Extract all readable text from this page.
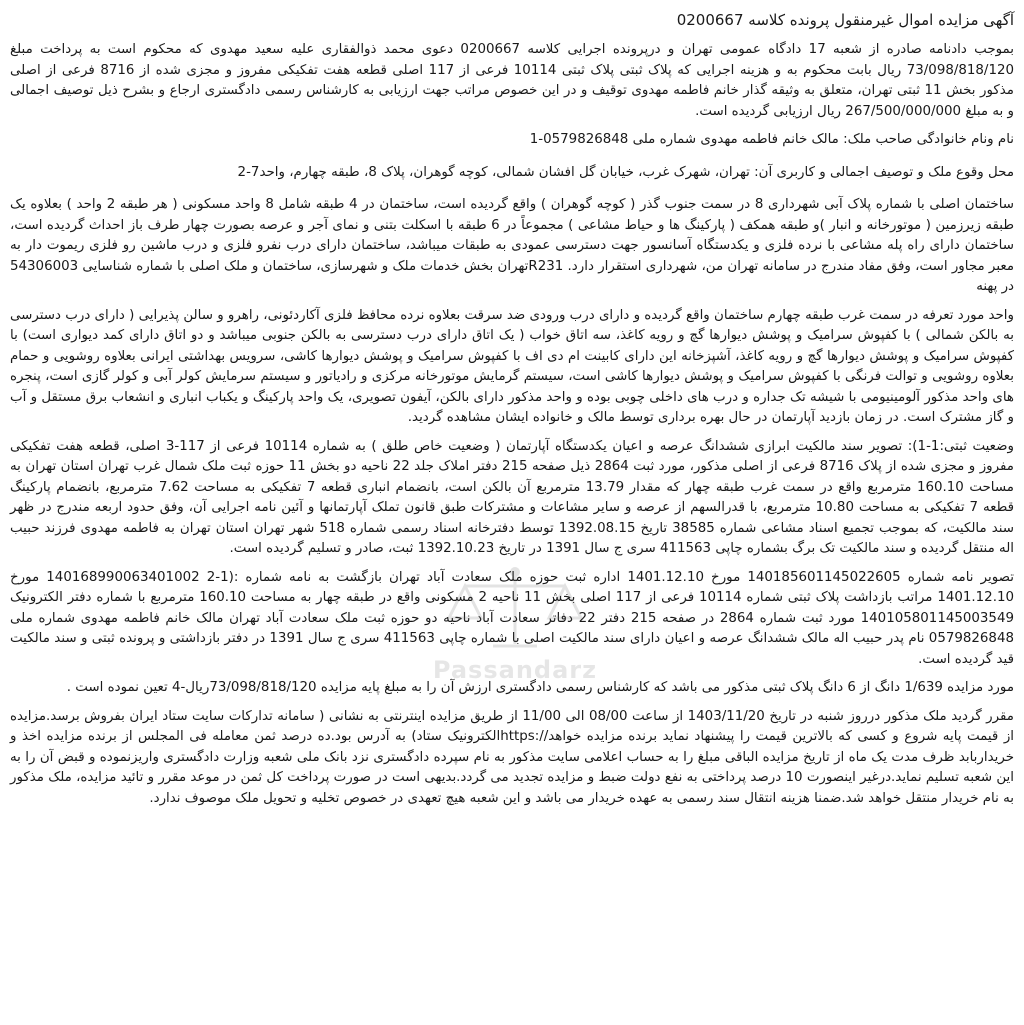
آگهی مزایده اموال غیرمنقول پرونده کلاسه 0200667

بموجب دادنامه صادره از شعبه 17 دادگاه عمومی تهران و درپرونده اجرایی کلاسه 0200667 دعوی محمد ذوالفقاری علیه سعید مهدوی که محکوم است به پرداخت مبلغ 73/098/818/120 ریال بابت محکوم به و هزینه اجرایی که پلاک ثبتی پلاک ثبتی 10114 فرعی از 117 اصلی قطعه هفت تفکیکی مفروز و مجزی شده از 8716 فرعی از اصلی مذکور بخش 11 ثبتی تهران، متعلق به وثیقه گذار خانم فاطمه مهدوی توقیف و در این خصوص مراتب جهت ارزیابی به کارشناس رسمی دادگستری ارجاع و بشرح ذیل توصیف اجمالی و به مبلغ 267/500/000/000 ریال ارزیابی گردیده است.

نام ونام خانوادگی صاحب ملک: مالک خانم فاطمه مهدوی شماره ملی 0579826848-1

محل وقوع ملک و توصیف اجمالی و کاربری آن: تهران، شهرک غرب، خیابان گل افشان شمالی، کوچه گوهران، پلاک 8، طبقه چهارم، واحد7-2

ساختمان اصلی با شماره پلاک آبی شهرداری 8 در سمت جنوب گذر ( کوچه گوهران ) واقع گردیده است، ساختمان در 4 طبقه شامل 8 واحد مسکونی ( هر طبقه 2 واحد ) بعلاوه یک طبقه زیرزمین ( موتورخانه و انبار )و طبقه همکف ( پارکینگ ها و حیاط مشاعی ) مجموعاً در 6 طبقه با اسکلت بتنی و نمای آجر و عرصه بصورت چهار طرف باز احداث گردیده است، ساختمان دارای راه پله مشاعی با نرده فلزی و یکدستگاه آسانسور جهت دسترسی عمودی به طبقات میباشد، ساختمان دارای درب نفرو فلزی و درب ماشین رو فلزی ریموت دار به معبر مجاور است، وفق مفاد مندرج در سامانه تهران من، شهرداری استقرار دارد. R231تهران بخش خدمات ملک و شهرسازی، ساختمان و ملک اصلی با شماره شناسایی 54306003 در پهنه

واحد مورد تعرفه در سمت غرب طبقه چهارم ساختمان واقع گردیده و دارای درب ورودی ضد سرقت بعلاوه نرده محافظ فلزی آکاردئونی، راهرو و سالن پذیرایی ( دارای درب دسترسی به بالکن شمالی ) با کفپوش سرامیک و پوشش دیوارها گچ و رویه کاغذ، سه اتاق خواب ( یک اتاق دارای درب دسترسی به بالکن جنوبی میباشد و دو اتاق دارای کمد دیواری است) با کفپوش سرامیک و پوشش دیوارها گچ و رویه کاغذ، آشپزخانه این دارای کابینت ام دی اف با کفپوش سرامیک و پوشش دیوارها کاشی، سرویس بهداشتی ایرانی بعلاوه روشویی و حمام بعلاوه روشویی و توالت فرنگی با کفپوش سرامیک و پوشش دیوارها کاشی است، سیستم گرمایش موتورخانه مرکزی و رادیاتور و سیستم سرمایش کولر آبی و کولر گازی است، پنجره های واحد مذکور آلومینیومی با شیشه تک جداره و درب های داخلی چوبی بوده و واحد مذکور دارای بالکن، آیفون تصویری، یک واحد پارکینگ و یکباب انباری و انشعاب برق مستقل و آب و گاز مشترک است. در زمان بازدید آپارتمان در حال بهره برداری توسط مالک و خانواده ایشان مشاهده گردید.

وضعیت ثبتی:1-1): تصویر سند مالکیت ابرازی ششدانگ عرصه و اعیان یکدستگاه آپارتمان ( وضعیت خاص طلق ) به شماره 10114 فرعی از 117-3 اصلی، قطعه هفت تفکیکی مفروز و مجزی شده از پلاک 8716 فرعی از اصلی مذکور، مورد ثبت 2864 ذیل صفحه 215 دفتر املاک جلد 22 ناحیه دو بخش 11 حوزه ثبت ملک شمال غرب تهران استان تهران به مساحت 160.10 مترمربع واقع در سمت غرب طبقه چهار که مقدار 13.79 مترمربع آن بالکن است، بانضمام انباری قطعه 7 تفکیکی به مساحت 7.62 مترمربع، بانضمام پارکینگ قطعه 7 تفکیکی به مساحت 10.80 مترمربع، با قدرالسهم از عرصه و سایر مشاعات و مشترکات طبق قانون تملک آپارتمانها و آئین نامه اجرایی آن، وفق حدود اربعه مندرج در ظهر سند مالکیت، که بموجب تجمیع اسناد مشاعی شماره 38585 تاریخ 1392.08.15 توسط دفترخانه اسناد رسمی شماره 518 شهر تهران استان تهران به فاطمه مهدوی فرزند حبیب اله منتقل گردیده و سند مالکیت تک برگ بشماره چاپی 411563 سری ج سال 1391 در تاریخ 1392.10.23 ثبت، صادر و تسلیم گردیده است.

تصویر نامه شماره 140185601145022605 مورخ 1401.12.10 اداره ثبت حوزه ملک سعادت آباد تهران بازگشت به نامه شماره :(1-2 140168990063401002 مورخ 1401.12.10 مراتب بازداشت پلاک ثبتی شماره 10114 فرعی از 117 اصلی بخش 11 ناحیه 2 مسکونی واقع در طبقه چهار به مساحت 160.10 مترمربع با شماره دفتر الکترونیک 140105801145003549 مورد ثبت شماره 2864 در صفحه 215 دفتر 22 دفاتر سعادت آباد ناحیه دو حوزه ثبت ملک سعادت آباد تهران مالک خانم فاطمه مهدوی شماره ملی 0579826848 نام پدر حبیب اله مالک ششدانگ عرصه و اعیان دارای سند مالکیت اصلی با شماره چاپی 411563 سری ج سال 1391 در دفتر بازداشتی و پرونده ثبتی و سند مالکیت قید گردیده است.

مورد مزایده 1/639 دانگ از 6 دانگ پلاک ثبتی مذکور می باشد که کارشناس رسمی دادگستری ارزش آن را به مبلغ پایه مزایده 73/098/818/120ریال-4 تعین نموده است .

مقرر گردید ملک مذکور درروز شنبه در تاریخ 1403/11/20 از ساعت 08/00 الی 11/00 از طریق مزایده اینترنتی به نشانی ( سامانه تدارکات سایت ستاد ایران بفروش برسد.مزایده از قیمت پایه شروع و کسی که بالاترین قیمت را پیشنهاد نماید برنده مزایده خواهد//:httpsالکترونیک ستاد) به آدرس بود.ده درصد ثمن معامله فی المجلس از برنده مزایده اخذ و خریداربابد ظرف مدت یک ماه از تاریخ مزایده الباقی مبلغ را به حساب اعلامی سایت مذکور به نام سپرده دادگستری نزد بانک ملی شعبه وزارت دادگستری واریزنموده و قبض آن را به این شعبه تسلیم نماید.درغیر اینصورت 10 درصد پرداختی به نفع دولت ضبط و مزایده تجدید می گردد.بدیهی است در صورت پرداخت کل ثمن در موعد مقرر و تائید مزایده، ملک مذکور به نام خریدار منتقل خواهد شد.ضمنا هزینه انتقال سند رسمی به عهده خریدار می باشد و این شعبه هیچ تعهدی در خصوص تخلیه و تحویل ملک موصوف ندارد.

Passandarz
